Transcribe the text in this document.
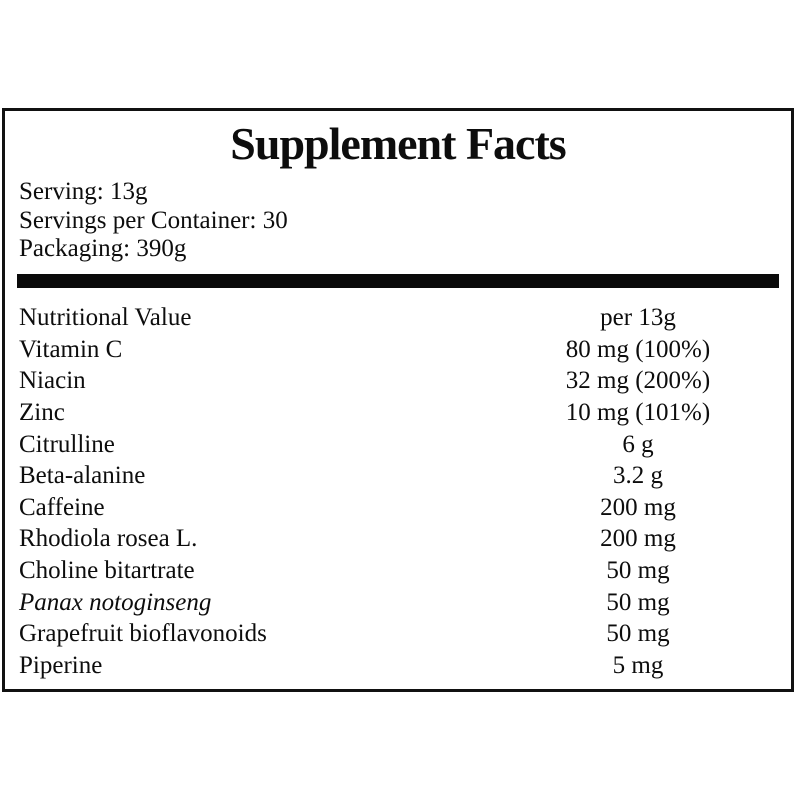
Supplement Facts
Serving: 13g
Servings per Container: 30
Packaging: 390g
Nutritional Value	per 13g
Vitamin C	80 mg (100%)
Niacin	32 mg (200%)
Zinc	10 mg (101%)
Citrulline	6 g
Beta-alanine	3.2 g
Caffeine	200 mg
Rhodiola rosea L.	200 mg
Choline bitartrate	50 mg
Panax notoginseng	50 mg
Grapefruit bioflavonoids	50 mg
Piperine	5 mg
